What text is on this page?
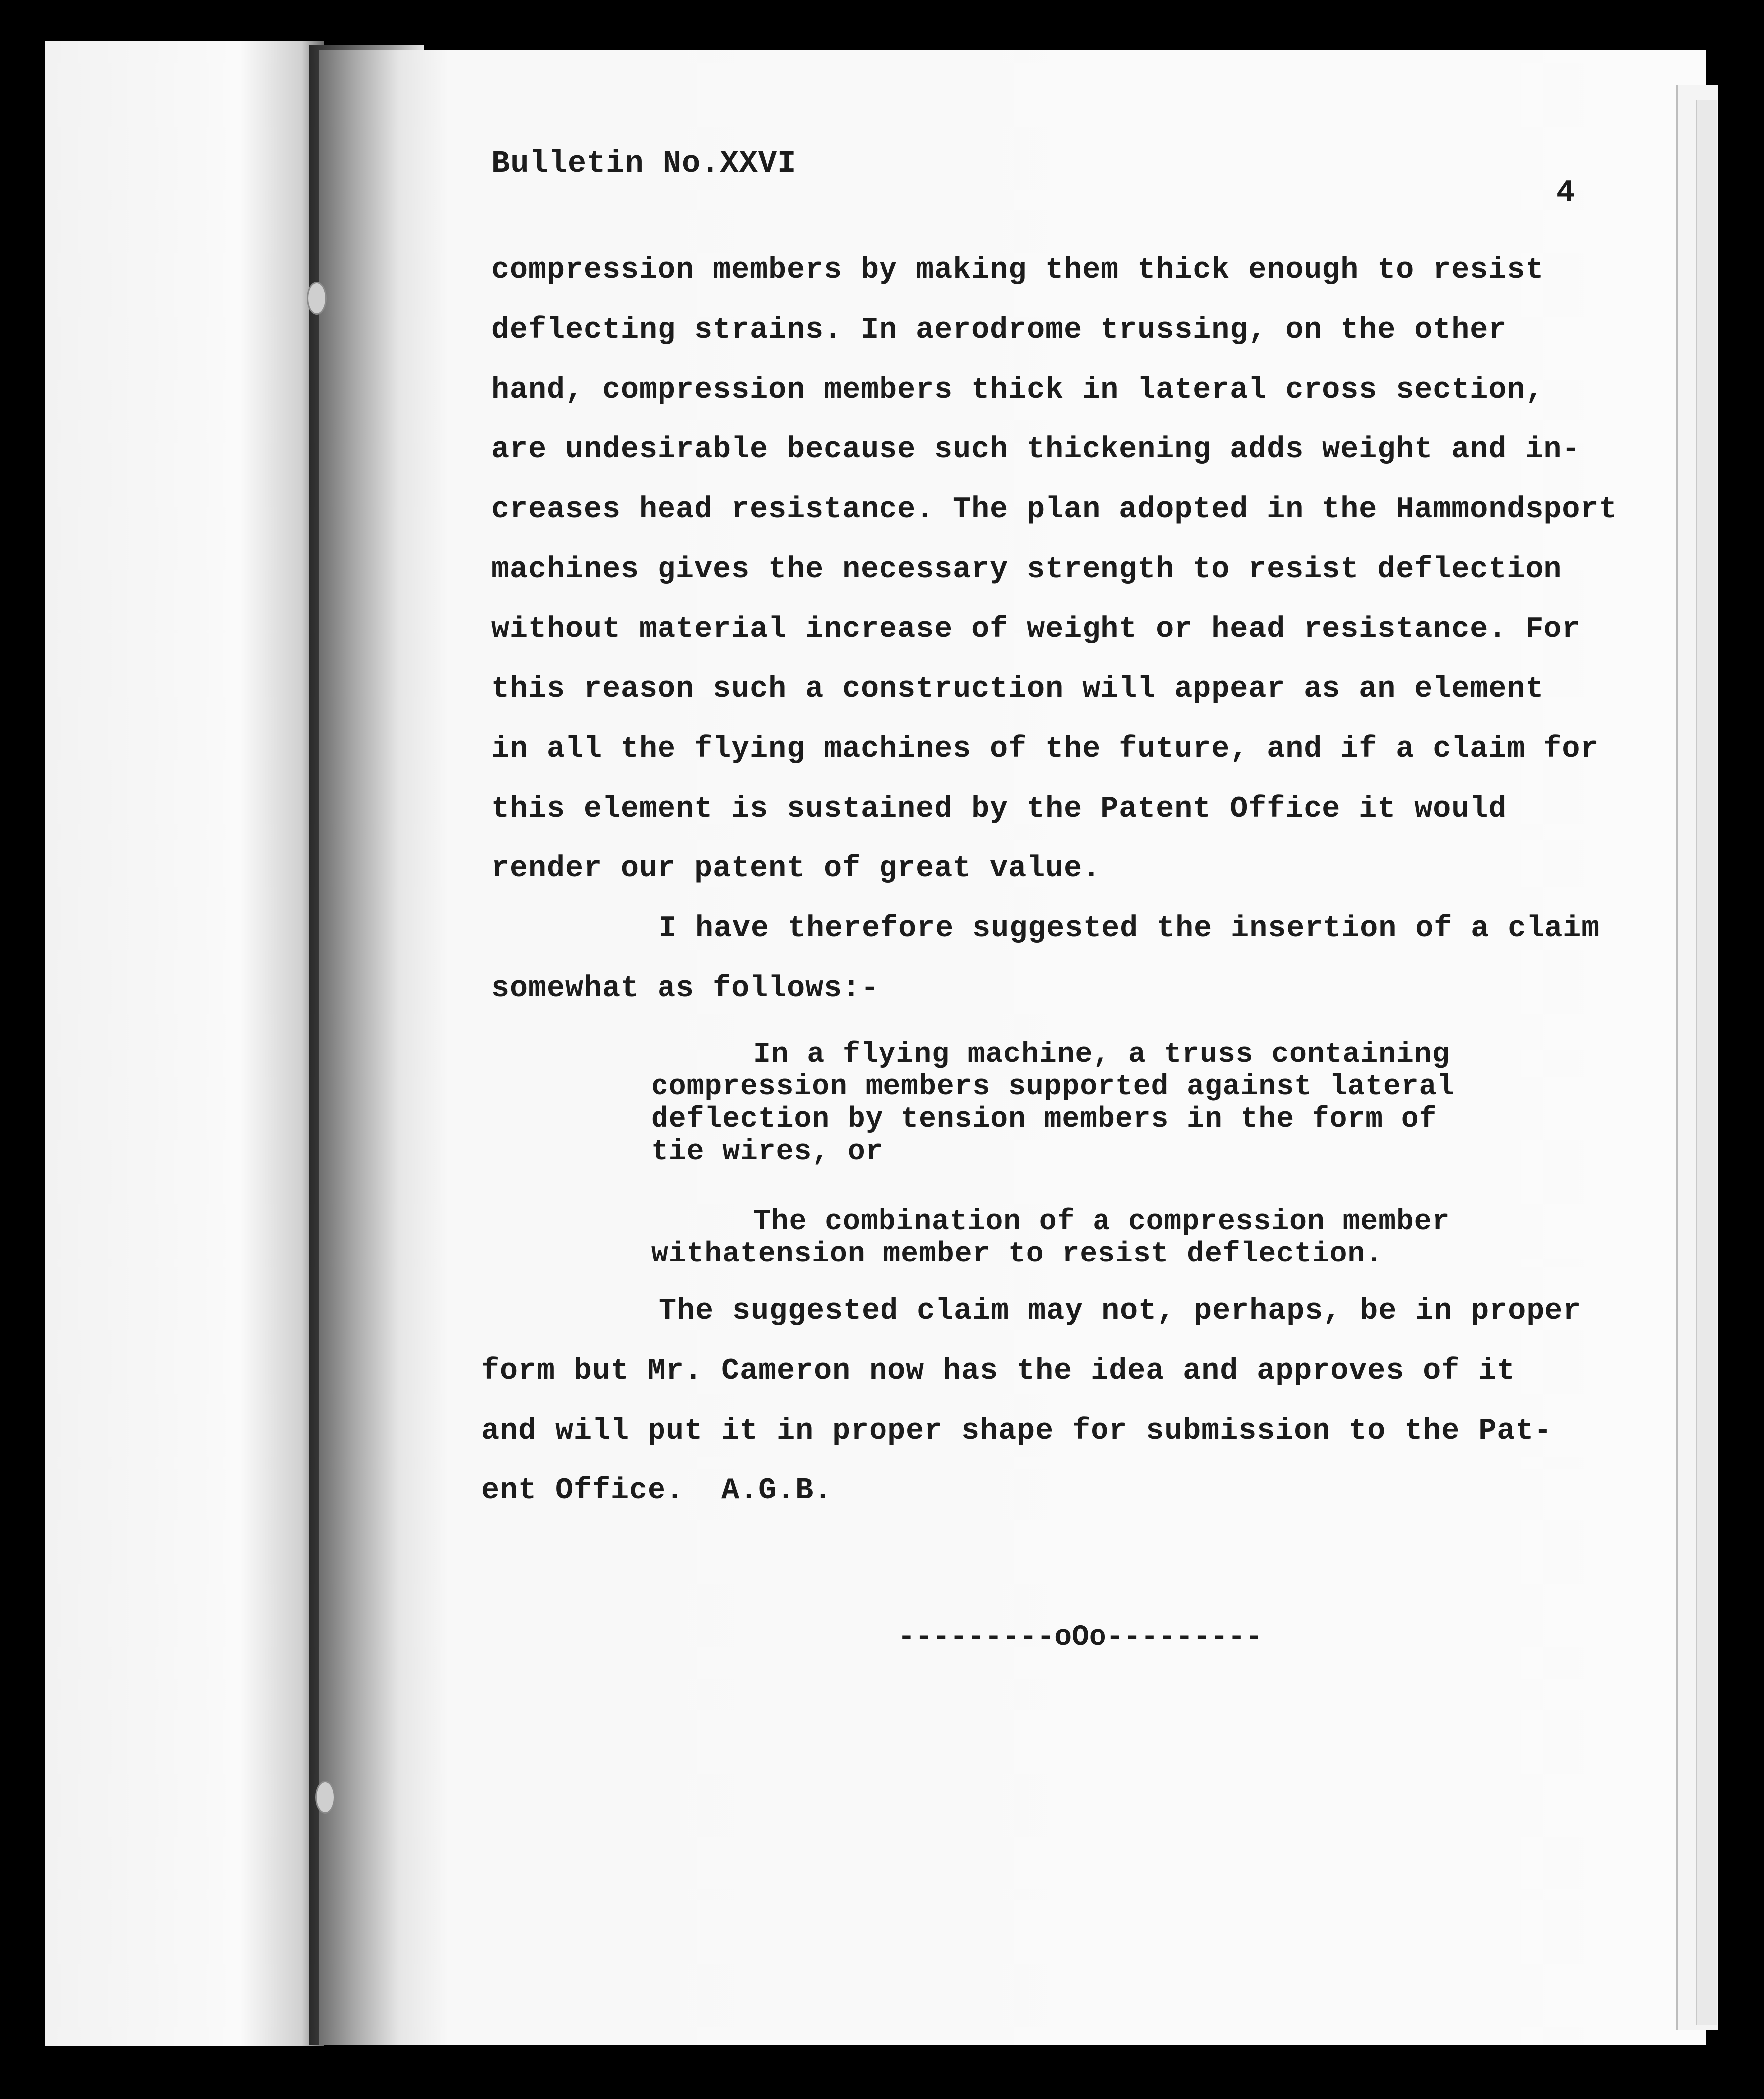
Bulletin No.XXVI
4
compression members by making them thick enough to resist
deflecting strains. In aerodrome trussing, on the other
hand, compression members thick in lateral cross section,
are undesirable because such thickening adds weight and in-
creases head resistance. The plan adopted in the Hammondsport
machines gives the necessary strength to resist deflection
without material increase of weight or head resistance. For
this reason such a construction will appear as an element
in all the flying machines of the future, and if a claim for
this element is sustained by the Patent Office it would
render our patent of great value.
I have therefore suggested the insertion of a claim
somewhat as follows:-
In a flying machine, a truss containing
compression members supported against lateral
deflection by tension members in the form of
tie wires, or
The combination of a compression member
withatension member to resist deflection.
The suggested claim may not, perhaps, be in proper
form but Mr. Cameron now has the idea and approves of it
and will put it in proper shape for submission to the Pat-
ent Office.  A.G.B.
---------oOo---------
